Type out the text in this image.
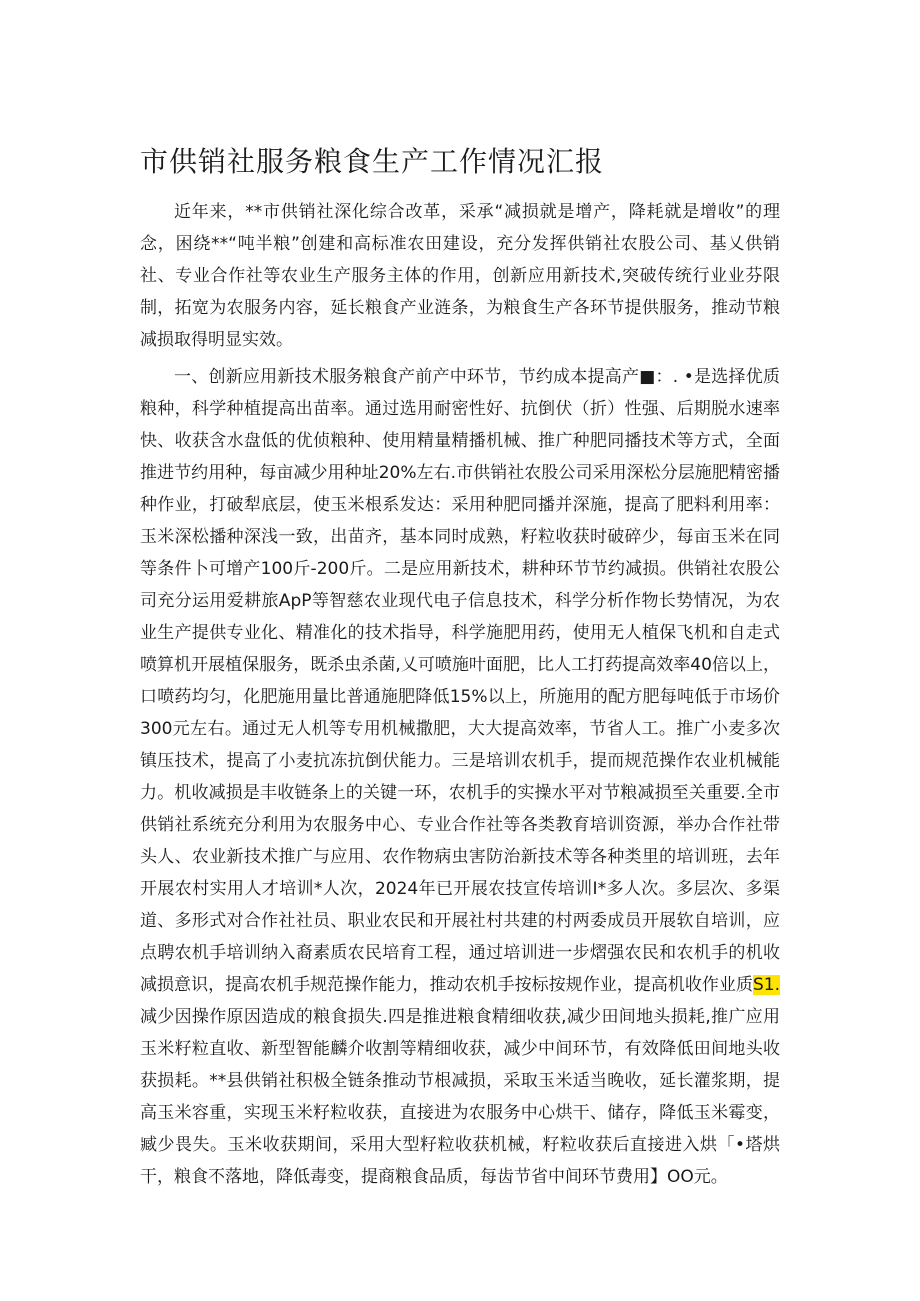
市供销社服务粮食生产工作情况汇报

近年来，**市供销社深化综合改革，采承“减损就是增产，降耗就是增收”的理念，困绕**“吨半粮”创建和高标准农田建设，充分发挥供销社农股公司、基乂供销社、专业合作社等农业生产服务主体的作用，创新应用新技术,突破传统行业业芬限制，拓宽为农服务内容，延长粮食产业涟条，为粮食生产各环节提供服务，推动节粮减损取得明显实效。

一、创新应用新技术服务粮食产前产中环节，节约成本提高产■：. •是选择优质粮种，科学种植提高出苗率。通过选用耐密性好、抗倒伏（折）性强、后期脱水速率快、收获含水盘低的优侦粮种、使用精量精播机械、推广种肥同播技术等方式，全面推进节约用种，每亩减少用种址20%左右.市供销社农股公司采用深松分层施肥精密播种作业，打破犁底层，使玉米根系发达：采用种肥同播并深施，提高了肥料利用率：玉米深松播种深浅一致，出苗齐，基本同时成熟，籽粒收获时破碎少，每亩玉米在同等条件卜可增产100斤-200斤。二是应用新技术，耕种环节节约减损。供销社农股公司充分运用爱耕旅ApP等智慈农业现代电子信息技术，科学分析作物长势情况，为农业生产提供专业化、精准化的技术指导，科学施肥用药，使用无人植保飞机和自走式喷算机开展植保服务，既杀虫杀菌,乂可喷施叶面肥，比人工打药提高效率40倍以上，口喷药均匀，化肥施用量比普通施肥降低15%以上，所施用的配方肥每吨低于市场价300元左右。通过无人机等专用机械撒肥，大大提高效率，节省人工。推广小麦多次镇压技术，提高了小麦抗冻抗倒伏能力。三是培训农机手，提而规范操作农业机械能力。机收减损是丰收链条上的关键一环，农机手的实操水平对节粮减损至关重要.全市供销社系统充分利用为农服务中心、专业合作社等各类教育培训资源，举办合作社带头人、农业新技术推广与应用、农作物病虫害防治新技术等各种类里的培训班，去年开展农村实用人才培训*人次，2024年已开展农技宣传培训I*多人次。多层次、多渠道、多形式对合作社社员、职业农民和开展社村共建的村两委成员开展软自培训，应点聘农机手培训纳入裔素质农民培育工程，通过培训进一步熠强农民和农机手的机收减损意识，提高农机手规范操作能力，推动农机手按标按规作业，提高机收作业质S1.减少因操作原因造成的粮食损失.四是推进粮食精细收获,减少田间地头损耗,推广应用玉米籽粒直收、新型智能麟介收割等精细收获，减少中间环节，有效降低田间地头收获损耗。**县供销社积极全链条推动节根减损，采取玉米适当晚收，延长灌浆期，提高玉米容重，实现玉米籽粒收获，直接进为农服务中心烘干、储存，降低玉米霉变，臧少畏失。玉米收获期间，采用大型籽粒收获机械，籽粒收获后直接进入烘「•塔烘干，粮食不落地，降低毒变，提商粮食品质，每齿节省中间环节费用】OO元。
